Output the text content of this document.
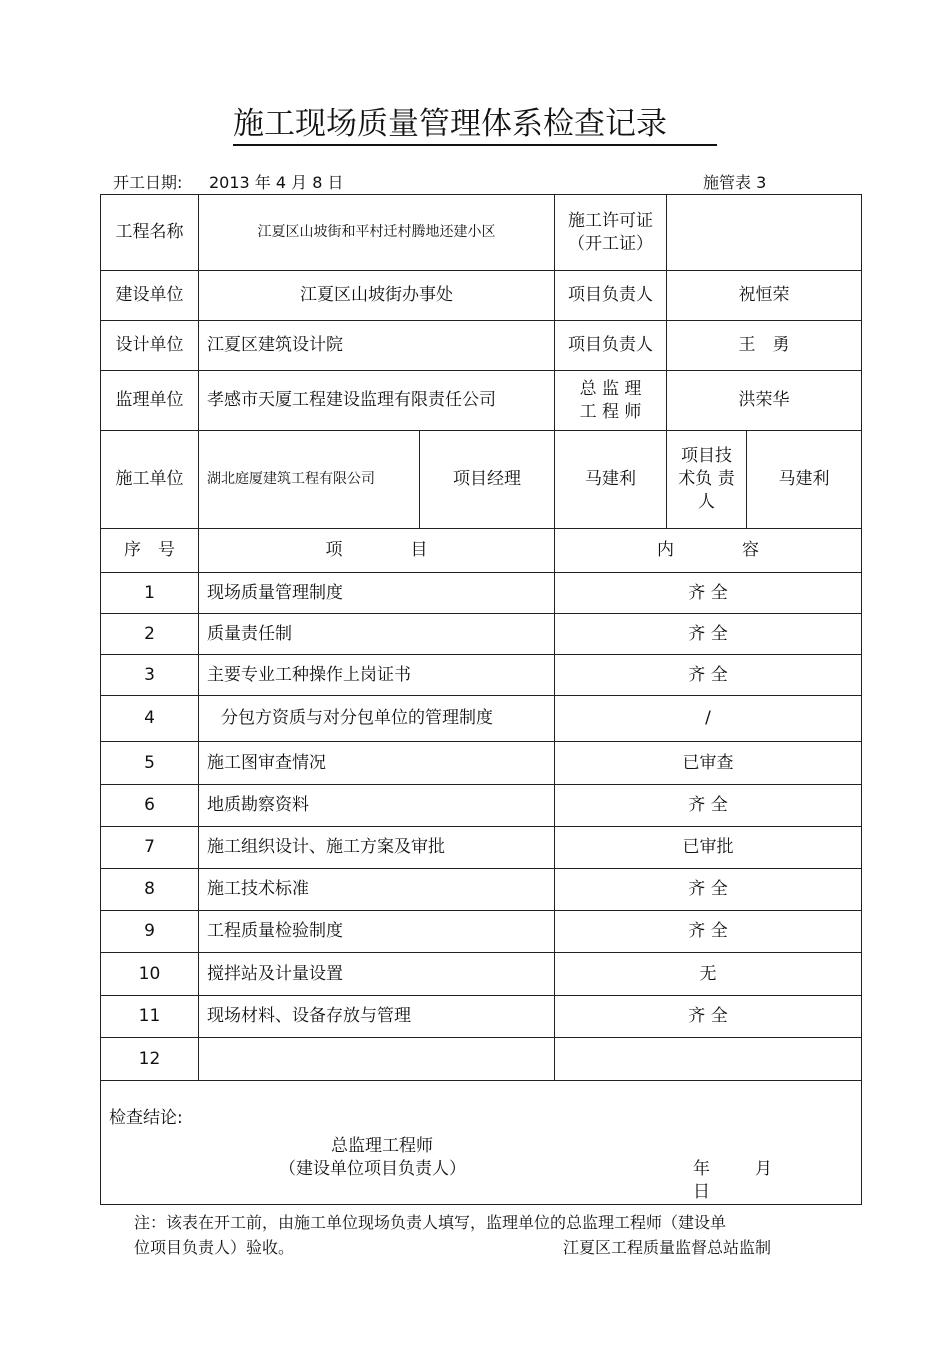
施工现场质量管理体系检查记录
开工日期: 2013 年 4 月 8 日	施管表 3
工程名称	江夏区山坡街和平村迁村腾地还建小区		施工许可证（开工证）		
建设单位	江夏区山坡街办事处		项目负责人	祝恒荣	
设计单位	江夏区建筑设计院		项目负责人	王　勇	
监理单位	孝感市天厦工程建设监理有限责任公司		总 监 理 工 程 师	洪荣华	
施工单位	湖北庭厦建筑工程有限公司	项目经理	马建利	项目技术负 责人	马建利
序　号	项　　　　目		内　　　　容		
1	现场质量管理制度		齐 全		
2	质量责任制		齐 全		
3	主要专业工种操作上岗证书		齐 全		
4	分包方资质与对分包单位的管理制度		/		
5	施工图审查情况		已审查		
6	地质勘察资料		齐 全		
7	施工组织设计、施工方案及审批		已审批		
8	施工技术标准		齐 全		
9	工程质量检验制度		齐 全		
10	搅拌站及计量设置		无		
11	现场材料、设备存放与管理		齐 全		
12					

检查结论:
总监理工程师
（建设单位项目负责人） 年 月日					
注：该表在开工前，由施工单位现场负责人填写，监理单位的总监理工程师（建设单
位项目负责人）验收。	江夏区工程质量监督总站监制
